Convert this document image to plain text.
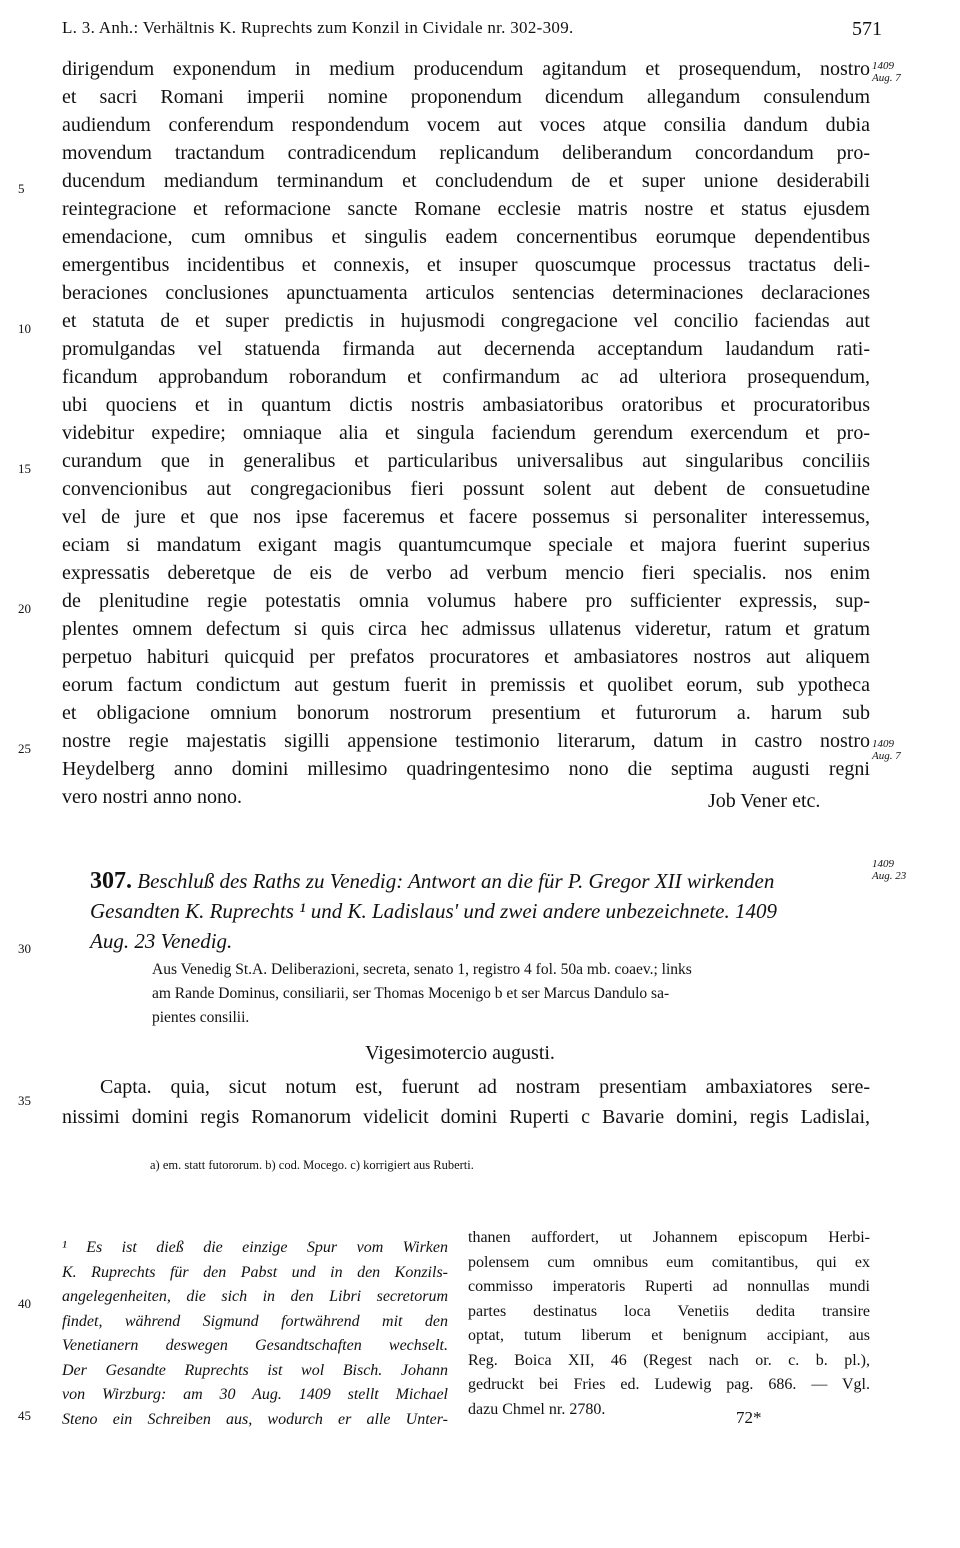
L. 3. Anh.: Verhältnis K. Ruprechts zum Konzil in Cividale nr. 302-309.	571
1409
Aug. 7
1409
Aug. 7
1409
Aug. 23
dirigendum exponendum in medium producendum agitandum et prosequendum, nostro
et sacri Romani imperii nomine proponendum dicendum allegandum consulendum
audiendum conferendum respondendum vocem aut voces atque consilia dandum dubia
movendum tractandum contradicendum replicandum deliberandum concordandum pro-
ducendum mediandum terminandum et concludendum de et super unione desiderabili
reintegracione et reformacione sancte Romane ecclesie matris nostre et status ejusdem
emendacione, cum omnibus et singulis eadem concernentibus eorumque dependentibus
emergentibus incidentibus et connexis, et insuper quoscumque processus tractatus deli-
beraciones conclusiones apunctuamenta articulos sentencias determinaciones declaraciones
et statuta de et super predictis in hujusmodi congregacione vel concilio faciendas aut
promulgandas vel statuenda firmanda aut decernenda acceptandum laudandum rati-
ficandum approbandum roborandum et confirmandum ac ad ulteriora prosequendum,
ubi quociens et in quantum dictis nostris ambasiatoribus oratoribus et procuratoribus
videbitur expedire; omniaque alia et singula faciendum gerendum exercendum et pro-
curandum que in generalibus et particularibus universalibus aut singularibus conciliis
convencionibus aut congregacionibus fieri possunt solent aut debent de consuetudine
vel de jure et que nos ipse faceremus et facere possemus si personaliter interessemus,
eciam si mandatum exigant magis quantumcumque speciale et majora fuerint superius
expressatis deberetque de eis de verbo ad verbum mencio fieri specialis. nos enim
de plenitudine regie potestatis omnia volumus habere pro sufficienter expressis, sup-
plentes omnem defectum si quis circa hec admissus ullatenus videretur, ratum et gratum
perpetuo habituri quicquid per prefatos procuratores et ambasiatores nostros aut aliquem
eorum factum condictum aut gestum fuerit in premissis et quolibet eorum, sub ypotheca
et obligacione omnium bonorum nostrorum presentium et futurorum a. harum sub
nostre regie majestatis sigilli appensione testimonio literarum, datum in castro nostro
Heydelberg anno domini millesimo quadringentesimo nono die septima augusti regni
vero nostri anno nono.
5
10
15
20
25
30
35
40
45
Job Vener etc.
307. Beschluß des Raths zu Venedig: Antwort an die für P. Gregor XII wirkenden
Gesandten K. Ruprechts ¹ und K. Ladislaus' und zwei andere unbezeichnete. 1409
Aug. 23 Venedig.
Aus Venedig St.A. Deliberazioni, secreta, senato 1, registro 4 fol. 50a mb. coaev.; links
am Rande Dominus, consiliarii, ser Thomas Mocenigo b et ser Marcus Dandulo sa-
pientes consilii.
Vigesimotercio augusti.
Capta. quia, sicut notum est, fuerunt ad nostram presentiam ambaxiatores sere-
nissimi domini regis Romanorum videlicit domini Ruperti c Bavarie domini, regis Ladislai,
a) em. statt futororum. b) cod. Mocego. c) korrigiert aus Ruberti.
¹ Es ist dieß die einzige Spur vom Wirken
K. Ruprechts für den Pabst und in den Konzils-
angelegenheiten, die sich in den Libri secretorum
findet, während Sigmund fortwährend mit den
Venetianern deswegen Gesandtschaften wechselt.
Der Gesandte Ruprechts ist wol Bisch. Johann
von Wirzburg: am 30 Aug. 1409 stellt Michael
Steno ein Schreiben aus, wodurch er alle Unter-
thanen auffordert, ut Johannem episcopum Herbi-
polensem cum omnibus eum comitantibus, qui ex
commisso imperatoris Ruperti ad nonnullas mundi
partes destinatus loca Venetiis dedita transire
optat, tutum liberum et benignum accipiant, aus
Reg. Boica XII, 46 (Regest nach or. c. b. pl.),
gedruckt bei Fries ed. Ludewig pag. 686. — Vgl.
dazu Chmel nr. 2780.	72*
